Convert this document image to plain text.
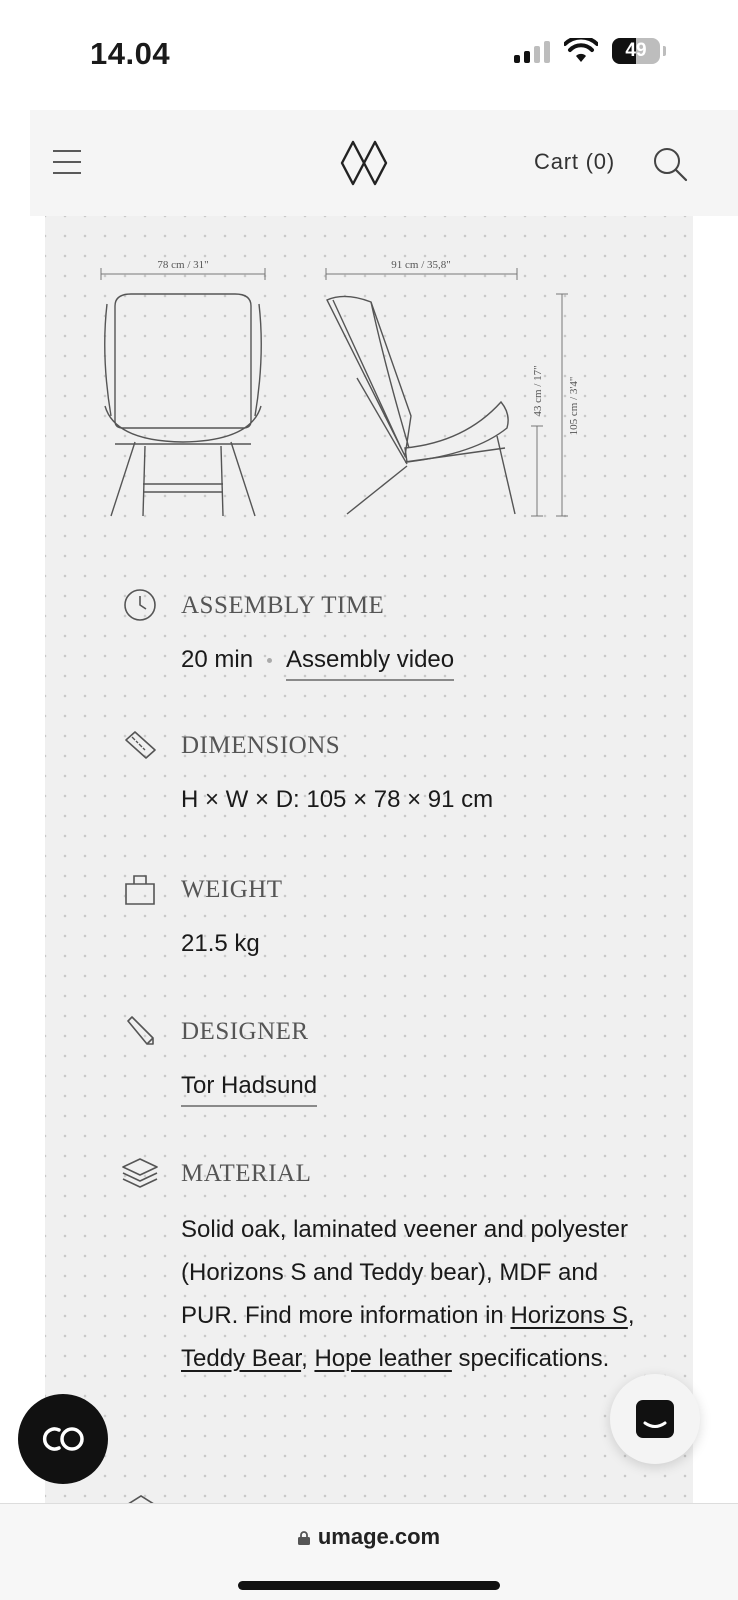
14.04	49
Cart (0)
78 cm / 31"	91 cm / 35,8"
43 cm / 17" 105 cm / 3'4"
ASSEMBLY TIME
20 min Assembly video
DIMENSIONS
H × W × D: 105 × 78 × 91 cm
WEIGHT
21.5 kg
DESIGNER
Tor Hadsund
MATERIAL
Solid oak, laminated veener and polyester (Horizons S and Teddy bear), MDF and PUR. Find more information in Horizons S, Teddy Bear, Hope leather specifications.
umage.com
